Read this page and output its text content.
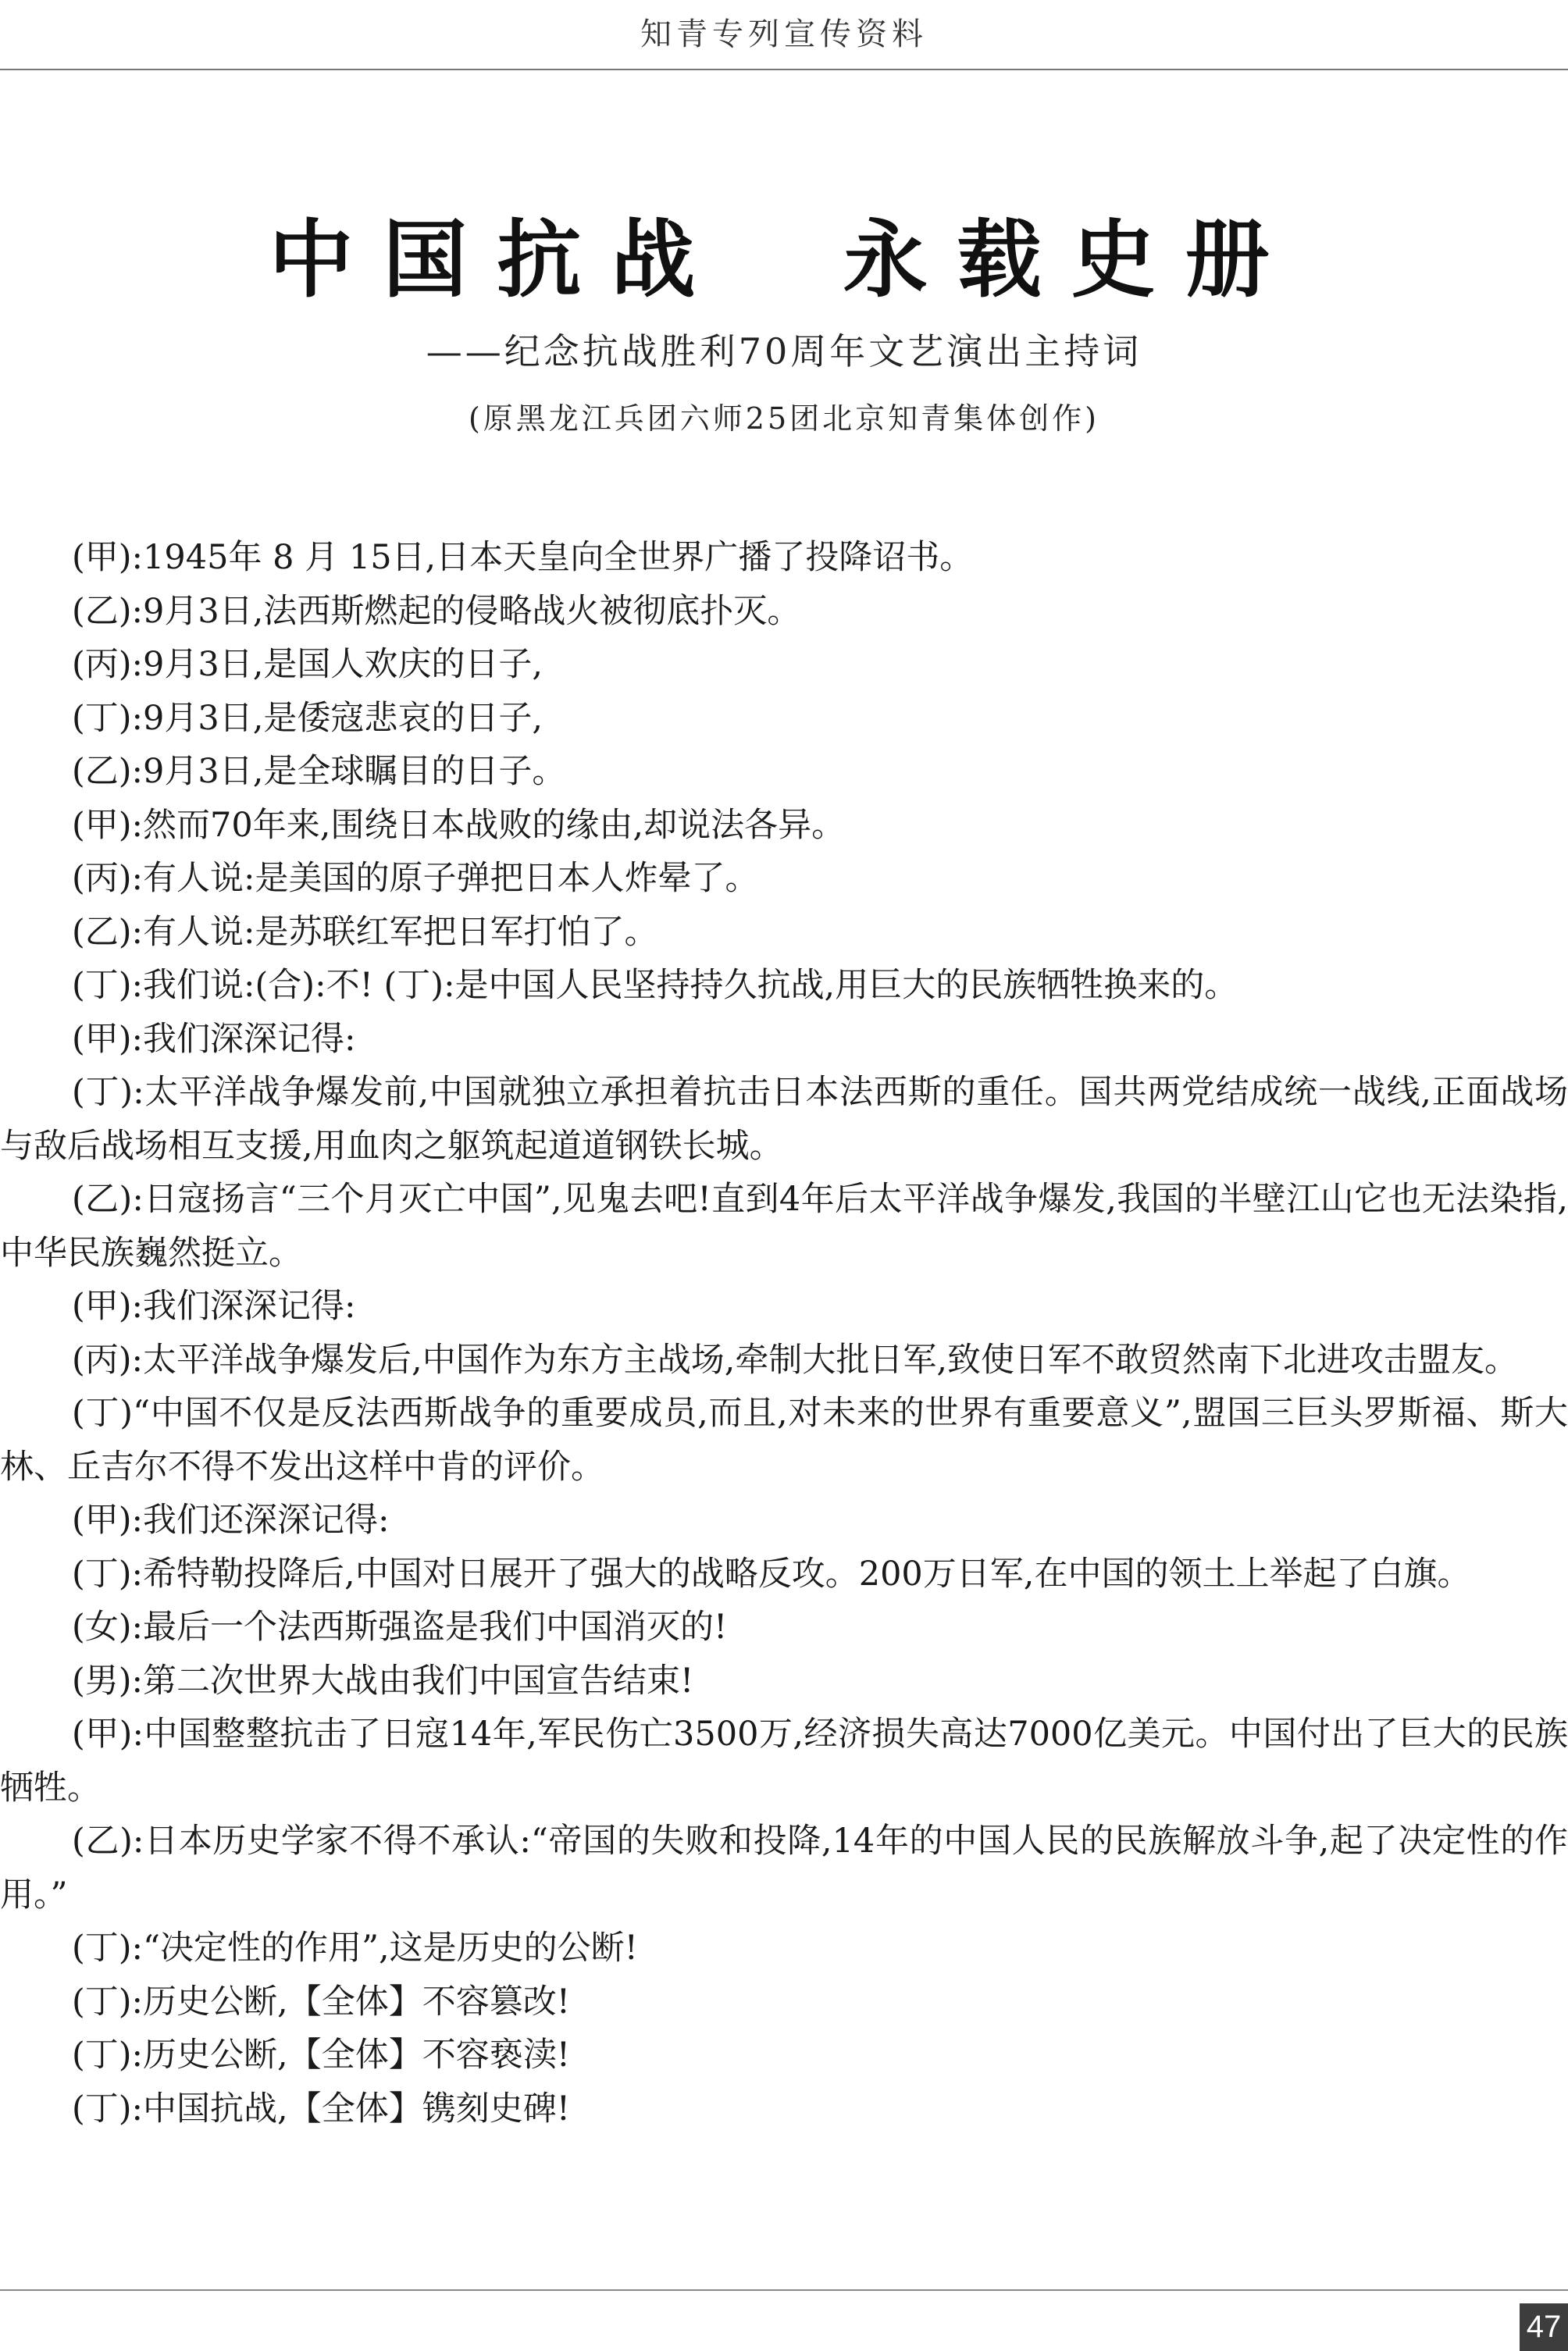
知青专列宣传资料
中国抗战  永载史册
——纪念抗战胜利70周年文艺演出主持词
(原黑龙江兵团六师25团北京知青集体创作)

(甲):1945年 8 月 15日,日本天皇向全世界广播了投降诏书。

(乙):9月3日,法西斯燃起的侵略战火被彻底扑灭。

(丙):9月3日,是国人欢庆的日子,

(丁):9月3日,是倭寇悲哀的日子,

(乙):9月3日,是全球瞩目的日子。

(甲):然而70年来,围绕日本战败的缘由,却说法各异。

(丙):有人说:是美国的原子弹把日本人炸晕了。

(乙):有人说:是苏联红军把日军打怕了。

(丁):我们说:(合):不! (丁):是中国人民坚持持久抗战,用巨大的民族牺牲换来的。

(甲):我们深深记得:

(丁):太平洋战争爆发前,中国就独立承担着抗击日本法西斯的重任。国共两党结成统一战线,正面战场与敌后战场相互支援,用血肉之躯筑起道道钢铁长城。

(乙):日寇扬言“三个月灭亡中国”,见鬼去吧!直到4年后太平洋战争爆发,我国的半壁江山它也无法染指,中华民族巍然挺立。

(甲):我们深深记得:

(丙):太平洋战争爆发后,中国作为东方主战场,牵制大批日军,致使日军不敢贸然南下北进攻击盟友。

(丁)“中国不仅是反法西斯战争的重要成员,而且,对未来的世界有重要意义”,盟国三巨头罗斯福、斯大林、丘吉尔不得不发出这样中肯的评价。

(甲):我们还深深记得:

(丁):希特勒投降后,中国对日展开了强大的战略反攻。200万日军,在中国的领土上举起了白旗。

(女):最后一个法西斯强盗是我们中国消灭的!

(男):第二次世界大战由我们中国宣告结束!

(甲):中国整整抗击了日寇14年,军民伤亡3500万,经济损失高达7000亿美元。中国付出了巨大的民族牺牲。

(乙):日本历史学家不得不承认:“帝国的失败和投降,14年的中国人民的民族解放斗争,起了决定性的作用。”

(丁):“决定性的作用”,这是历史的公断!

(丁):历史公断,【全体】不容篡改!

(丁):历史公断,【全体】不容亵渎!

(丁):中国抗战,【全体】镌刻史碑!

47
